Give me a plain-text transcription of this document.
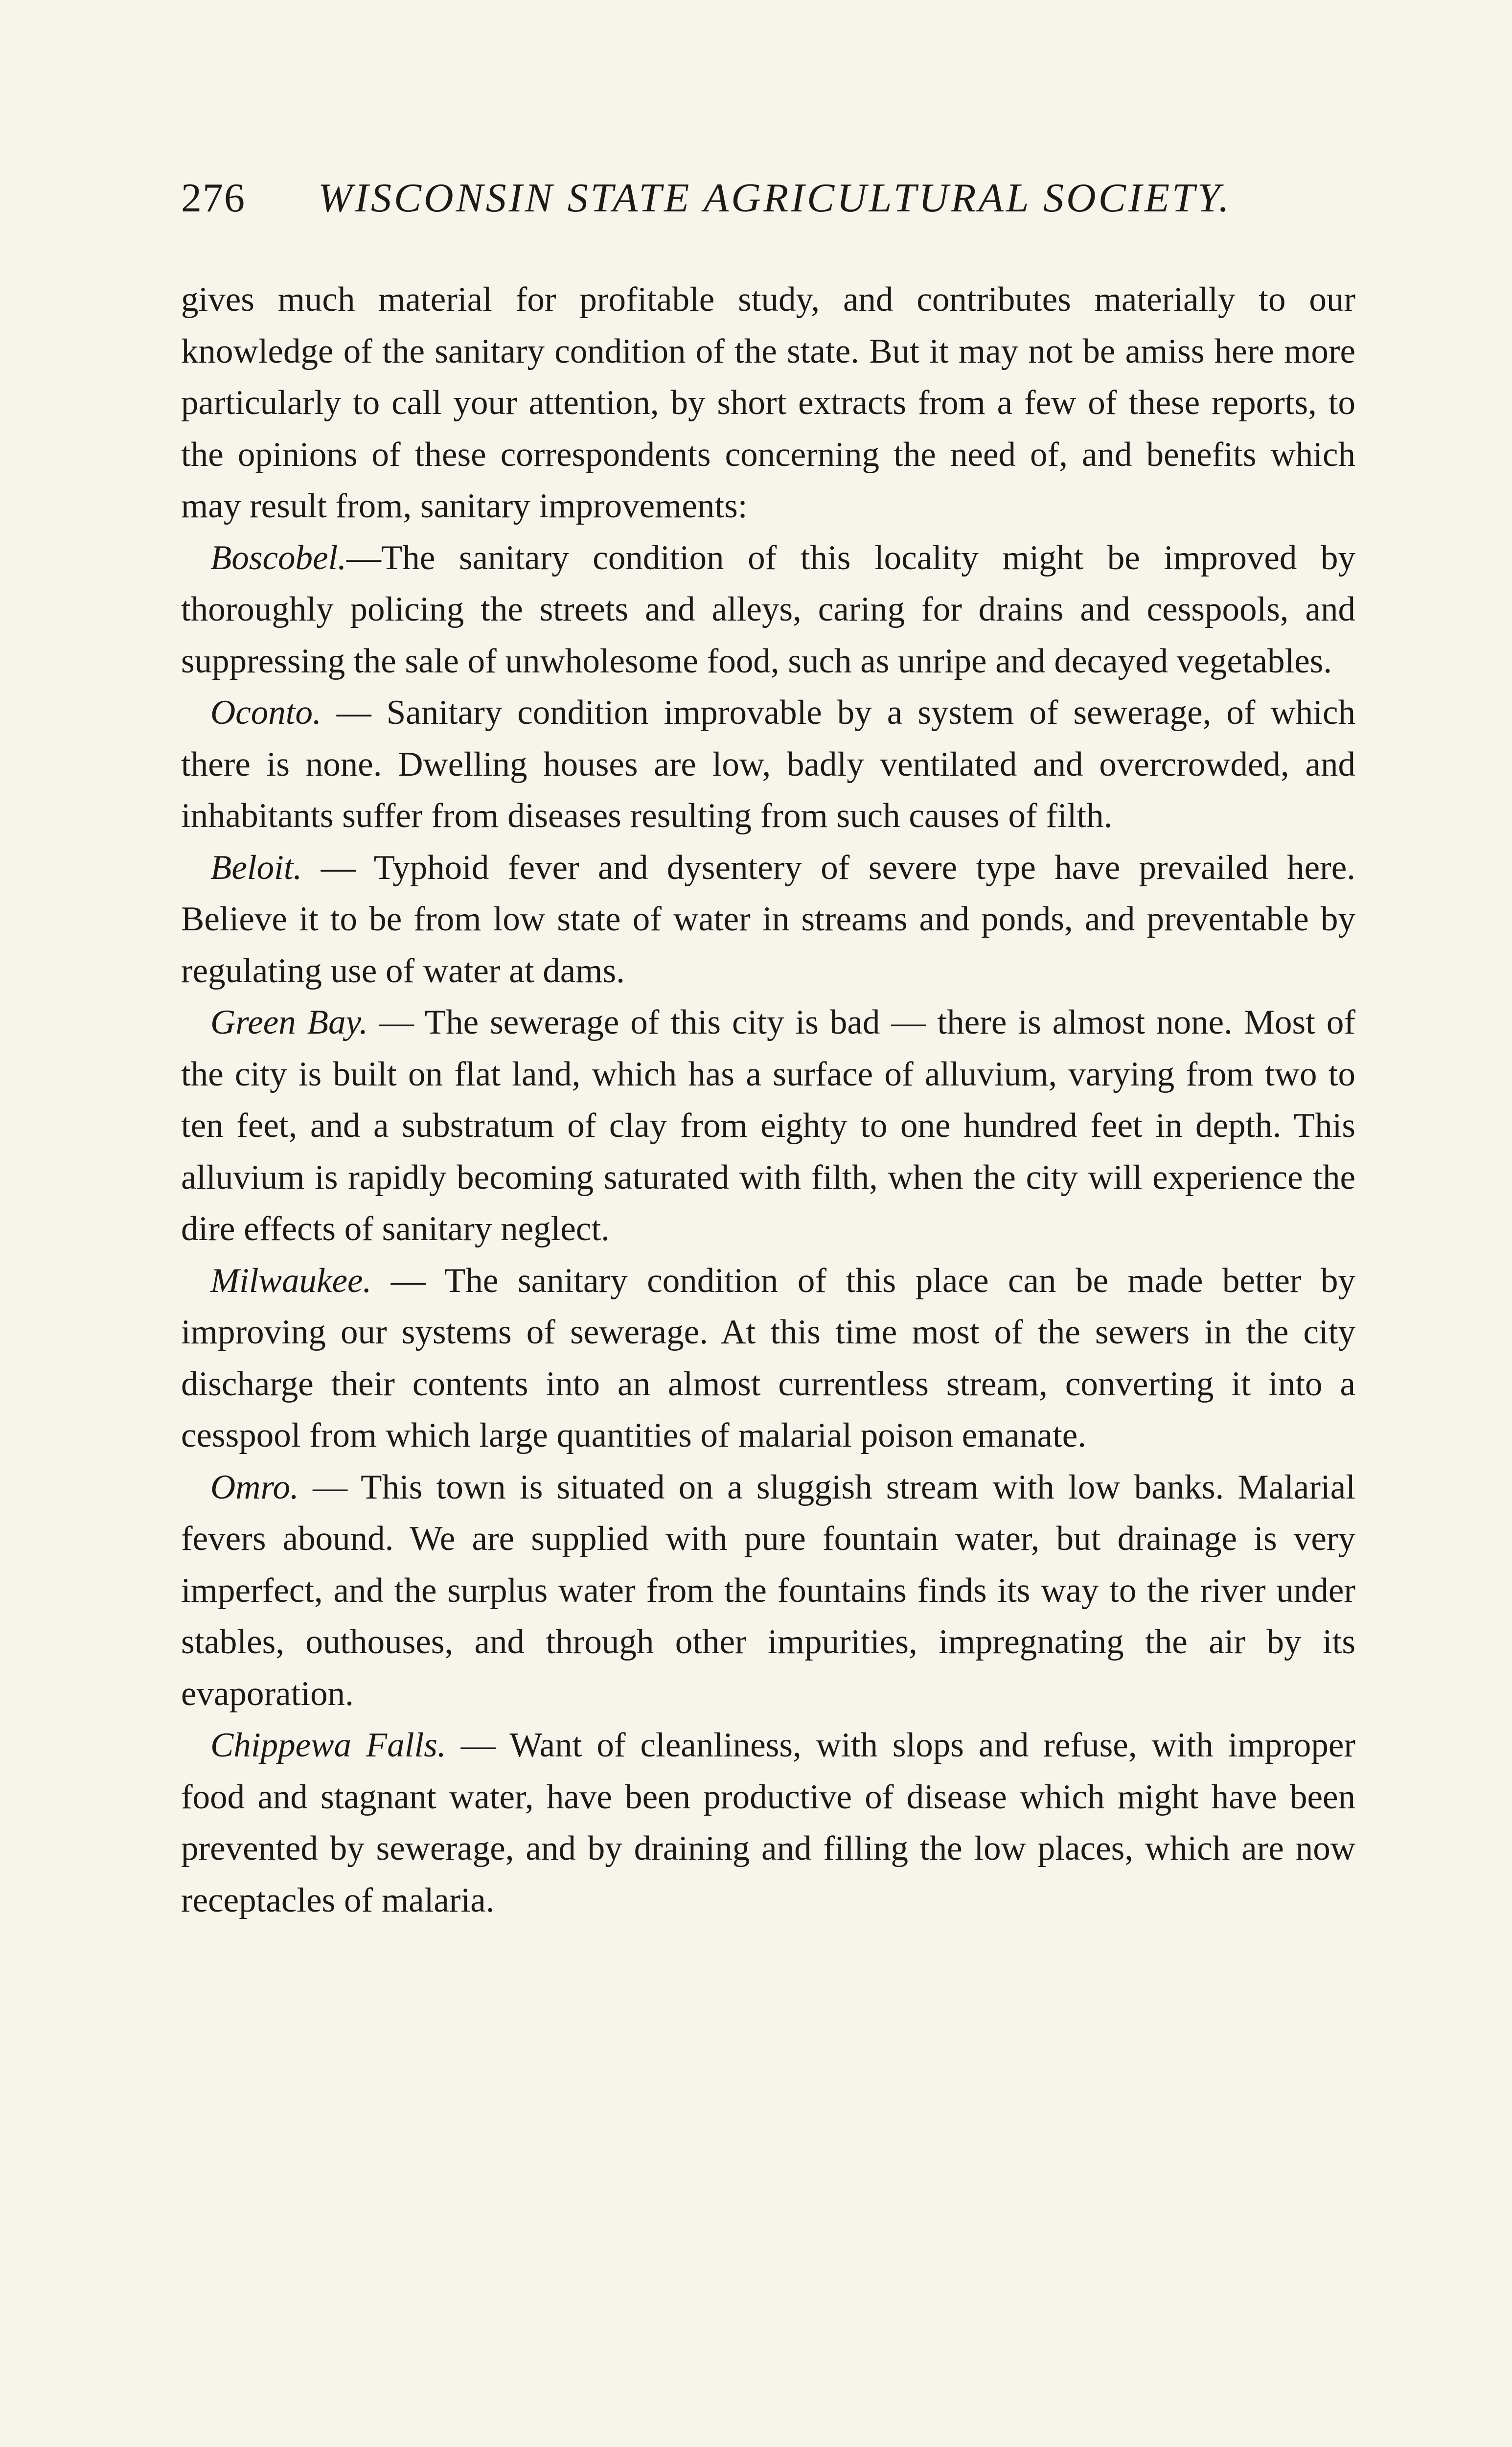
276 WISCONSIN STATE AGRICULTURAL SOCIETY.

gives much material for profitable study, and contributes materially to our knowledge of the sanitary condition of the state. But it may not be amiss here more particularly to call your attention, by short extracts from a few of these reports, to the opinions of these correspondents concerning the need of, and benefits which may result from, sanitary improvements:

Boscobel.—The sanitary condition of this locality might be improved by thoroughly policing the streets and alleys, caring for drains and cesspools, and suppressing the sale of unwholesome food, such as unripe and decayed vegetables.

Oconto. — Sanitary condition improvable by a system of sewerage, of which there is none. Dwelling houses are low, badly ventilated and overcrowded, and inhabitants suffer from diseases resulting from such causes of filth.

Beloit. — Typhoid fever and dysentery of severe type have prevailed here. Believe it to be from low state of water in streams and ponds, and preventable by regulating use of water at dams.

Green Bay. — The sewerage of this city is bad — there is almost none. Most of the city is built on flat land, which has a surface of alluvium, varying from two to ten feet, and a substratum of clay from eighty to one hundred feet in depth. This alluvium is rapidly becoming saturated with filth, when the city will experience the dire effects of sanitary neglect.

Milwaukee. — The sanitary condition of this place can be made better by improving our systems of sewerage. At this time most of the sewers in the city discharge their contents into an almost currentless stream, converting it into a cesspool from which large quantities of malarial poison emanate.

Omro. — This town is situated on a sluggish stream with low banks. Malarial fevers abound. We are supplied with pure fountain water, but drainage is very imperfect, and the surplus water from the fountains finds its way to the river under stables, outhouses, and through other impurities, impregnating the air by its evaporation.

Chippewa Falls. — Want of cleanliness, with slops and refuse, with improper food and stagnant water, have been productive of disease which might have been prevented by sewerage, and by draining and filling the low places, which are now receptacles of malaria.
